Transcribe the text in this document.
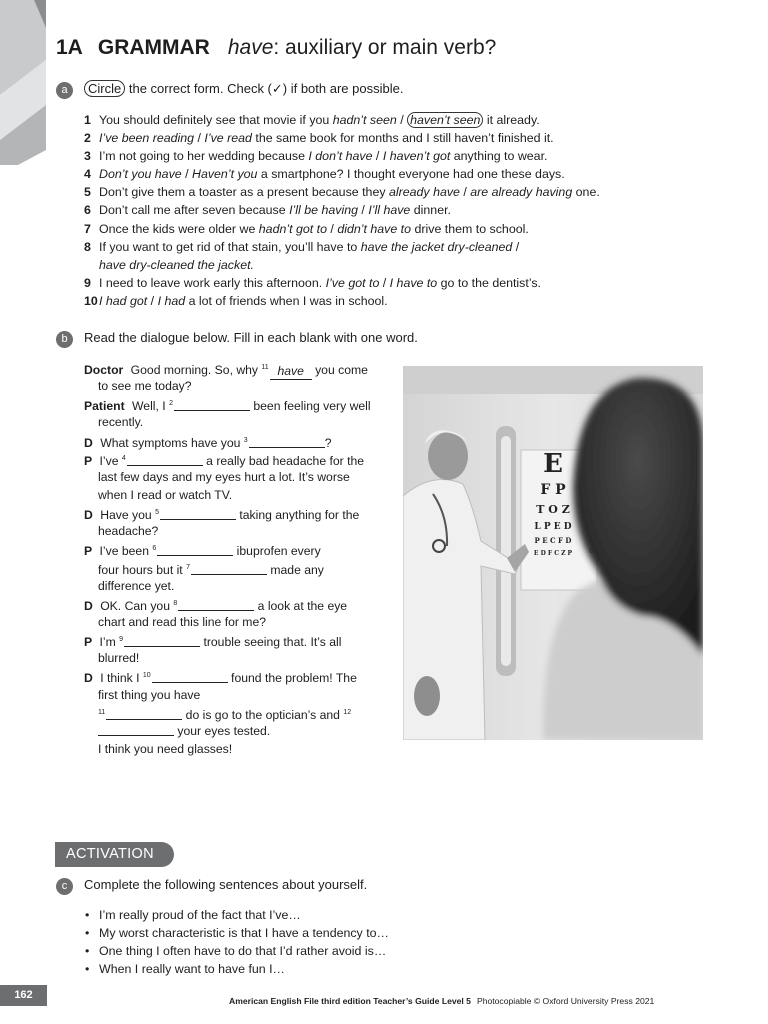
1A GRAMMAR have: auxiliary or main verb?
a	Circle the correct form. Check (✓) if both are possible.
1 You should definitely see that movie if you hadn’t seen / haven’t seen it already.
2 I’ve been reading / I’ve read the same book for months and I still haven’t finished it.
3 I’m not going to her wedding because I don’t have / I haven’t got anything to wear.
4 Don’t you have / Haven’t you a smartphone? I thought everyone had one these days.
5 Don’t give them a toaster as a present because they already have / are already having one.
6 Don’t call me after seven because I’ll be having / I’ll have dinner.
7 Once the kids were older we hadn’t got to / didn’t have to drive them to school.
8 If you want to get rid of that stain, you’ll have to have the jacket dry-cleaned /
have dry-cleaned the jacket.
9 I need to leave work early this afternoon. I’ve got to / I have to go to the dentist’s.
10 I had got / I had a lot of friends when I was in school.
b	Read the dialogue below. Fill in each blank with one word.
Doctor Good morning. So, why $^{11}$ have you come
to see me today?
Patient Well, I $^2$	been feeling very well
recently.
D What symptoms have you $^3$	?
P I’ve $^4$	a really bad headache for the
last few days and my eyes hurt a lot. It’s worse
when I read or watch TV.
D Have you $^5$	taking anything for the
headache?
P I’ve been $^6$	ibuprofen every
four hours but it $^7$	made any
difference yet.
D OK. Can you $^8$	a look at the eye
chart and read this line for me?
P I’m $^9$	trouble seeing that. It’s all
blurred!
D I think I $^{10}$	found the problem! The
first thing you have
$^{11}$	do is go to the optician’s and $^{12}$
your eyes tested.
I think you need glasses!
E
F P
T O Z
L P E D
P E C F D
E D F C Z P
ACTIVATION
c	Complete the following sentences about yourself.
• I’m really proud of the fact that I’ve…
• My worst characteristic is that I have a tendency to…
• One thing I often have to do that I’d rather avoid is…
• When I really want to have fun I…
162	American English File third edition Teacher’s Guide Level 5 Photocopiable © Oxford University Press 2021
